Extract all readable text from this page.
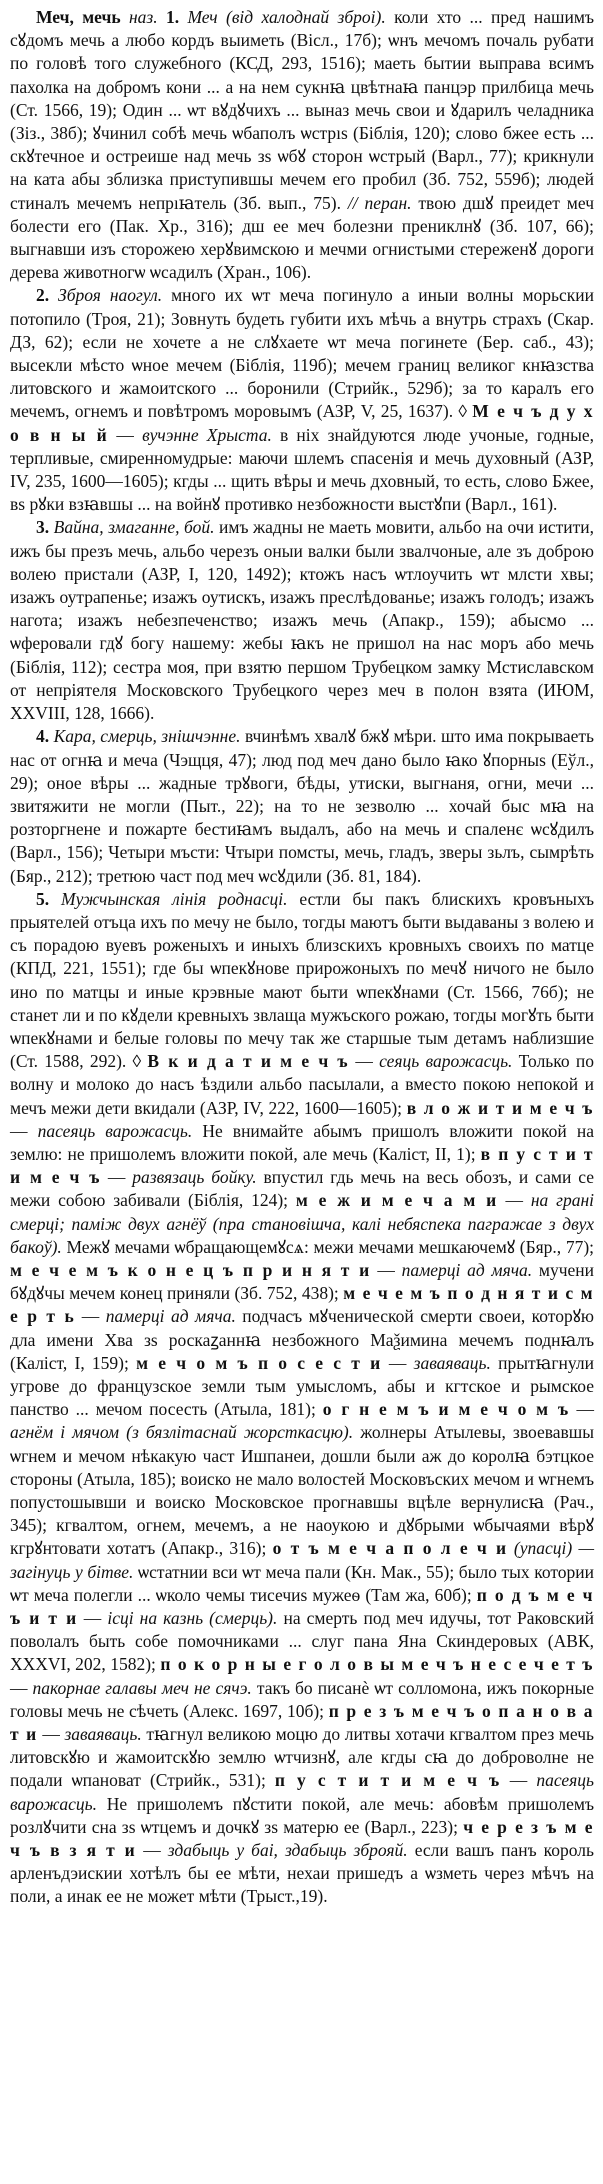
Меч, мечь наз. 1. Меч (від халоднай зброі). коли хто ... пред нашимъ сꙋдомъ мечь а любо кордъ выиметь (Вісл., 17б); ѡнъ мечомъ почаль рубати по головѣ того служебного (КСД, 293, 1516); маеть бытии выправа всимъ пахолка на добромъ кони ... а на нем сукнꙗ цвѣтнаꙗ панцэр прилбица мечь (Ст. 1566, 19); Один ... ѡт вꙋдꙋчихъ ... выназ мечь свои и ꙋдарилъ челадника (Зіз., 38б); ꙋчинил собѣ мечь ѡбаполъ ѡстрıѕ (Біблія, 120); слово бжее есть ... скꙋтечное и остреише над мечь зѕ ѡбꙋ сторон ѡстрый (Варл., 77); крикнули на ката абы зблизка приступившы мечем его пробил (Зб. 752, 559б); людей стиналъ мечемъ непрıꙗтель (Зб. вып., 75). // перан. твою дшꙋ преидет меч болести его (Пак. Хр., 316); дш ее меч болезни прениклнꙋ (Зб. 107, 66); выгнавши изъ сторожею херꙋвимскою и мечми огнистыми стереженꙋ дороги дерева животногѡ ѡсадилъ (Хран., 106).

2. Зброя наогул. много их ѡт меча погинуло а иныи волны морьскии потопило (Троя, 21); Зовнуть будеть губити ихъ мѣчь а внутрь страхъ (Скар. ДЗ, 62); если не хочете а не слꙋхаете ѡт меча погинете (Бер. саб., 43); высекли мѣсто ѡное мечем (Біблія, 119б); мечем границ великог кнꙗзства литовского и жамоитского ... боронили (Стрийк., 529б); за то каралъ его мечемъ, огнемъ и повѣтромъ моровымъ (АЗР, V, 25, 1637). ◊ М е ч ъ д у х о в н ы й — вучэнне Хрыста. в ніх знайдуются люде учоные, годные, терпливые, смиренномудрые: маючи шлемъ спасенія и мечь духовный (АЗР, IV, 235, 1600—1605); кгды ... щить вѣры и мечь дховный, то есть, слово Бжее, вѕ рꙋки взꙗвшы ... на войнꙋ противко незбожности выстꙋпи (Варл., 161).

3. Вайна, змаганне, бой. имъ жадны не маеть мовити, альбо на очи истити, ижъ бы презъ мечь, альбо черезъ оныи валки были звалчоные, але зъ доброю волею пристали (АЗР, I, 120, 1492); ктожъ насъ ѡтлоучить ѡт млсти хвы; изажъ оутрапенье; изажъ оутискъ, изажъ преслѣдованье; изажъ голодъ; изажъ нагота; изажъ небезпеченство; изажъ мечь (Апакр., 159); абысмо ... ѡферовали гдꙋ богу нашему: жебы ꙗкъ не пришол на нас моръ або мечь (Біблія, 112); сестра моя, при взятю першом Трубецком замку Мстиславском от непріятеля Московского Трубецкого через меч в полон взята (ИЮМ, XXVIII, 128, 1666).

4. Кара, смерць, знішчэнне. вчинѣмъ хвалꙋ бжꙋ мѣри. што има покрываеть нас от огнꙗ и меча (Чэщця, 47); люд под меч дано было ꙗко ꙋпорныѕ (Еўл., 29); оное вѣры ... жадные трꙋвоги, бѣды, утиски, выгнаня, огни, мечи ... звитяжити не могли (Пыт., 22); на то не зезволю ... хочай быс мꙗ на розторгнене и пожарте бестиꙗмъ выдалъ, або на мечь и спаленє ѡсꙋдилъ (Варл., 156); Четыри мъсти: Чтыри помсты, мечь, гладъ, зверы зьлъ, сымрѣть (Бяр., 212); третюю част под меч ѡсꙋдили (Зб. 81, 184).

5. Мужчынская лінія роднасці. естли бы пакъ блискихъ кровъныхъ прыятелей отъца ихъ по мечу не было, тогды маютъ быти выдаваны з волею и съ порадою вуевъ роженыхъ и иныхъ близскихъ кровныхъ своихъ по матце (КПД, 221, 1551); где бы ѡпекꙋнове прирожоныхъ по мечꙋ ничого не было ино по матцы и иные крэвные мают быти ѡпекꙋнами (Ст. 1566, 76б); не станет ли и по кꙋдели кревныхъ звлаща мужъского рожаю, тогды могꙋть быти ѡпекꙋнами и белые головы по мечу так же старшые тым детамъ наблизшие (Ст. 1588, 292). ◊ В к и д а т и м е ч ъ — сеяць варожасць. Только по волну и молоко до насъ ѣздили альбо пасылали, а вместо покою непокой и мечъ межи дети вкидали (АЗР, IV, 222, 1600—1605); в л о ж и т и м е ч ъ — пасеяць варожасць. Не внимайте абымъ пришолъ вложити покой на землю: не пришолемъ вложити покой, але мечь (Каліст, II, 1); в п у с т и т и м е ч ъ — развязаць бойку. впустил гдь мечь на весь обозъ, и сами се межи собою забивали (Біблія, 124); м е ж и м е ч а м и — на грані смерці; паміж двух агнёў (пра становішча, калі небяспека пагражае з двух бакоў). Межꙋ мечами ѡбращающемꙋсѧ: межи мечами мешкаючемꙋ (Бяр., 77); м е ч е м ъ к о н е ц ъ п р и н я т и — памерці ад мяча. мучени бꙋдꙋчы мечем конец приняли (Зб. 752, 438); м е ч е м ъ п о д н я т и с м е р т ь — памерці ад мяча. подчасъ мꙋченической смерти своеи, которꙋю дла имени Хва зѕ роскаꙁаннꙗ незбожного Маѯимина мечемъ поднꙗлъ (Каліст, I, 159); м е ч о м ъ п о с е с т и — заваяваць. прытꙗгнули угрове до французское земли тым умысломъ, абы и кгтское и рымское панство ... мечом посесть (Атыла, 181); о г н е м ъ и м е ч о м ъ — агнём і мячом (з бязлітаснай жорсткасцю). жолнеры Атылевы, звоевавшы ѡгнем и мечом нѣкакую част Ишпанеи, дошли были аж до королꙗ бэтцкое стороны (Атыла, 185); воиско не мало волостей Московъских мечом и ѡгнемъ попустошывши и воиско Московское прогнавшы вцѣле вернулисꙗ (Рач., 345); кгвалтом, огнем, мечемъ, а не наоукою и дꙋбрыми ѡбычаями вѣрꙋ кгрꙋнтовати хотатъ (Апакр., 316); о т ъ м е ч а п о л е ч и (упасці) — загінуць у бітве. ѡстатнии вси ѡт меча пали (Кн. Мак., 55); было тых котории ѡт меча полегли ... ѡколо чемы тисечиѕ мужеѳ (Там жа, 60б); п о д ъ м е ч ъ и т и — ісці на казнь (смерць). на смерть под меч идучы, тот Раковский поволалъ быть собе помочниками ... слуг пана Яна Скиндеровых (АВК, XXXVI, 202, 1582); п о к о р н ы е г о л о в ы м е ч ъ н е с е ч е т ъ — пакорнае галавы меч не сячэ. такъ бо писанѐ ѡт солломона, ижъ покорные головы мечь не сѣчеть (Алекс. 1697, 10б); п р е з ъ м е ч ъ о п а н о в а т и — заваяваць. тꙗгнул великою моцю до литвы хотачи кгвалтом през мечь литовскꙋю и жамоитскꙋю землю ѡтчизнꙋ, але кгды сꙗ до доброволне не подали ѡпановат (Стрийк., 531); п у с т и т и м е ч ъ — пасеяць варожасць. Не пришолемъ пꙋстити покой, але мечь: абовѣм пришолемъ розлꙋчити сна зѕ ѡтцемъ и дочкꙋ зѕ матерю ее (Варл., 223); ч е р е з ъ м е ч ъ в з я т и — здабыць у баі, здабыць зброяй. если вашъ панъ король арленъдэискии хотѣлъ бы ее мѣти, нехаи пришедъ а ѡзметь через мѣчъ на поли, а инак ее не может мѣти (Трыст.,19).
